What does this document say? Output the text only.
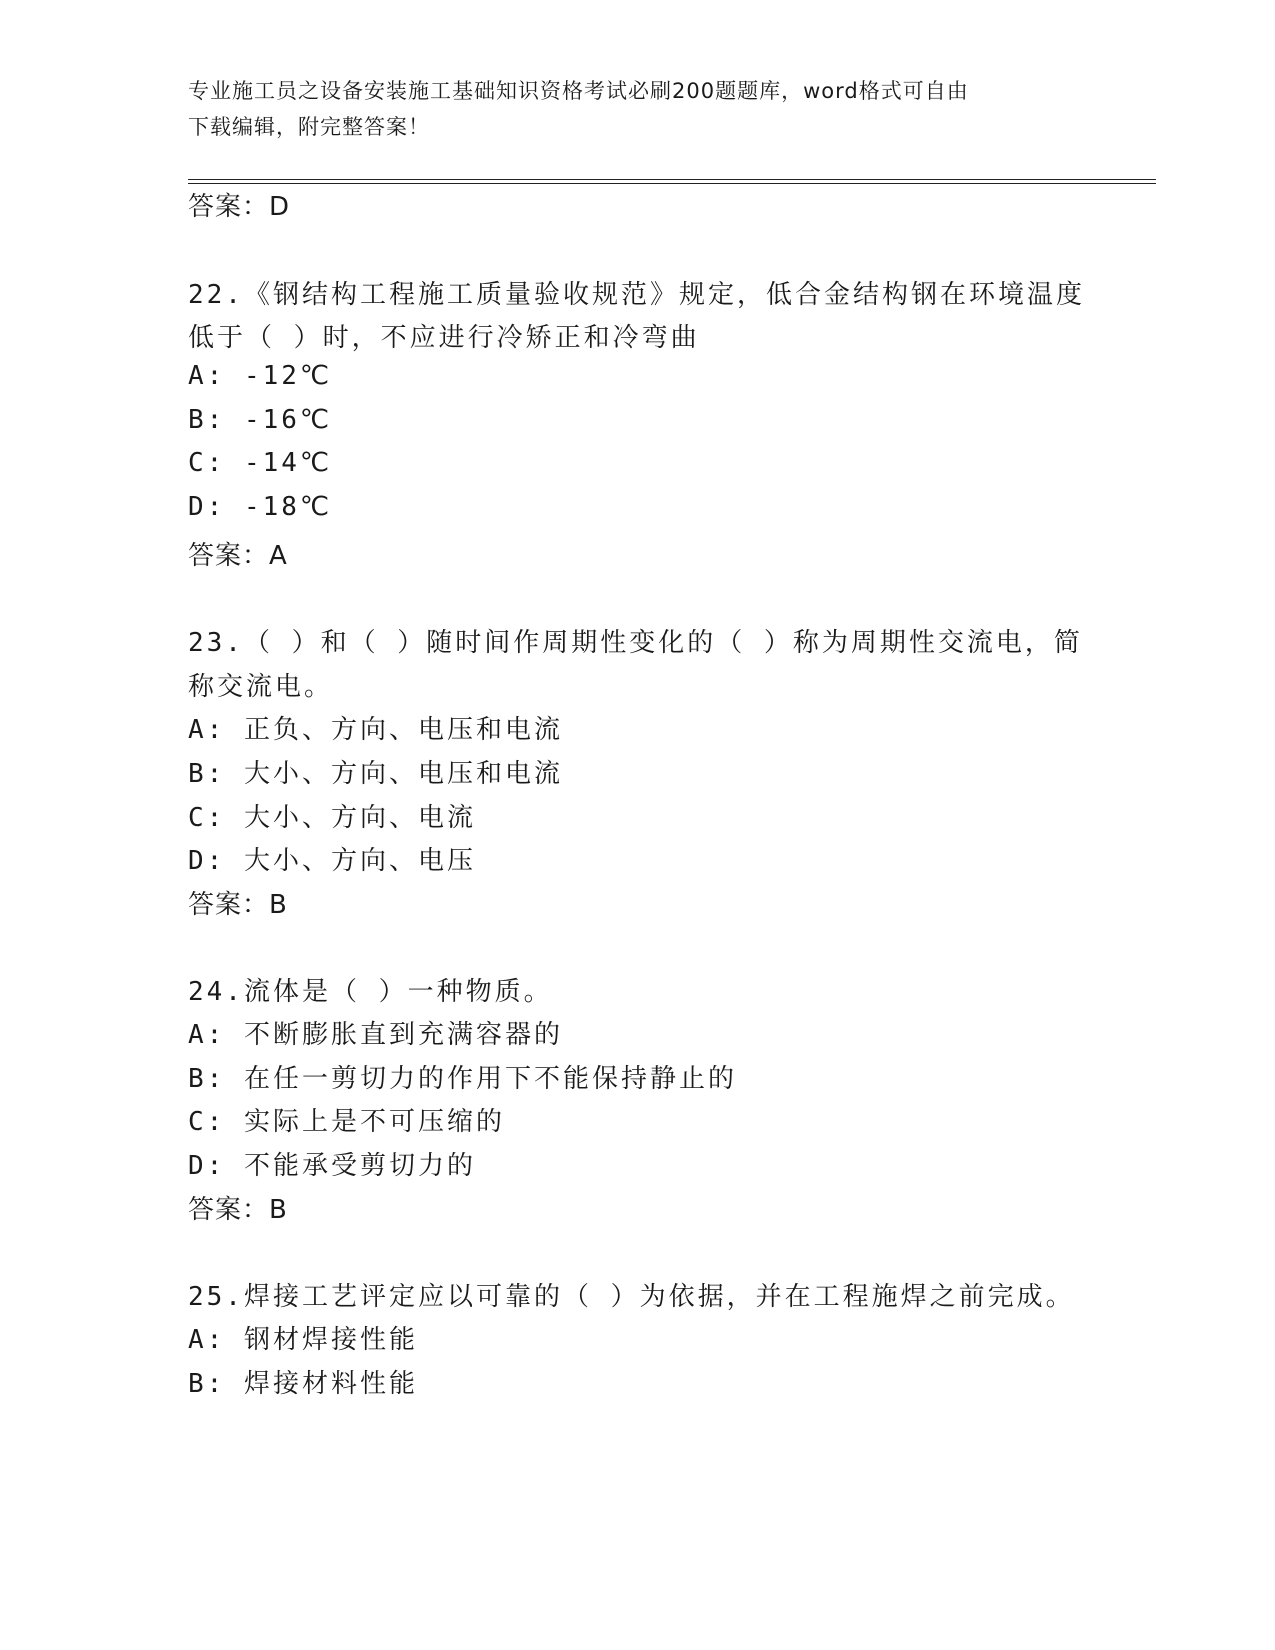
专业施工员之设备安装施工基础知识资格考试必刷200题题库，word格式可自由
下载编辑，附完整答案！
答案：D
22.《钢结构工程施工质量验收规范》规定，低合金结构钢在环境温度
低于（ ）时，不应进行冷矫正和冷弯曲
A: -12℃
B: -16℃
C: -14℃
D: -18℃
答案：A
23.（ ）和（ ）随时间作周期性变化的（ ）称为周期性交流电，简
称交流电。
A: 正负、方向、电压和电流
B: 大小、方向、电压和电流
C: 大小、方向、电流
D: 大小、方向、电压
答案：B
24.流体是（ ）一种物质。
A: 不断膨胀直到充满容器的
B: 在任一剪切力的作用下不能保持静止的
C: 实际上是不可压缩的
D: 不能承受剪切力的
答案：B
25.焊接工艺评定应以可靠的（ ）为依据，并在工程施焊之前完成。
A: 钢材焊接性能
B: 焊接材料性能
